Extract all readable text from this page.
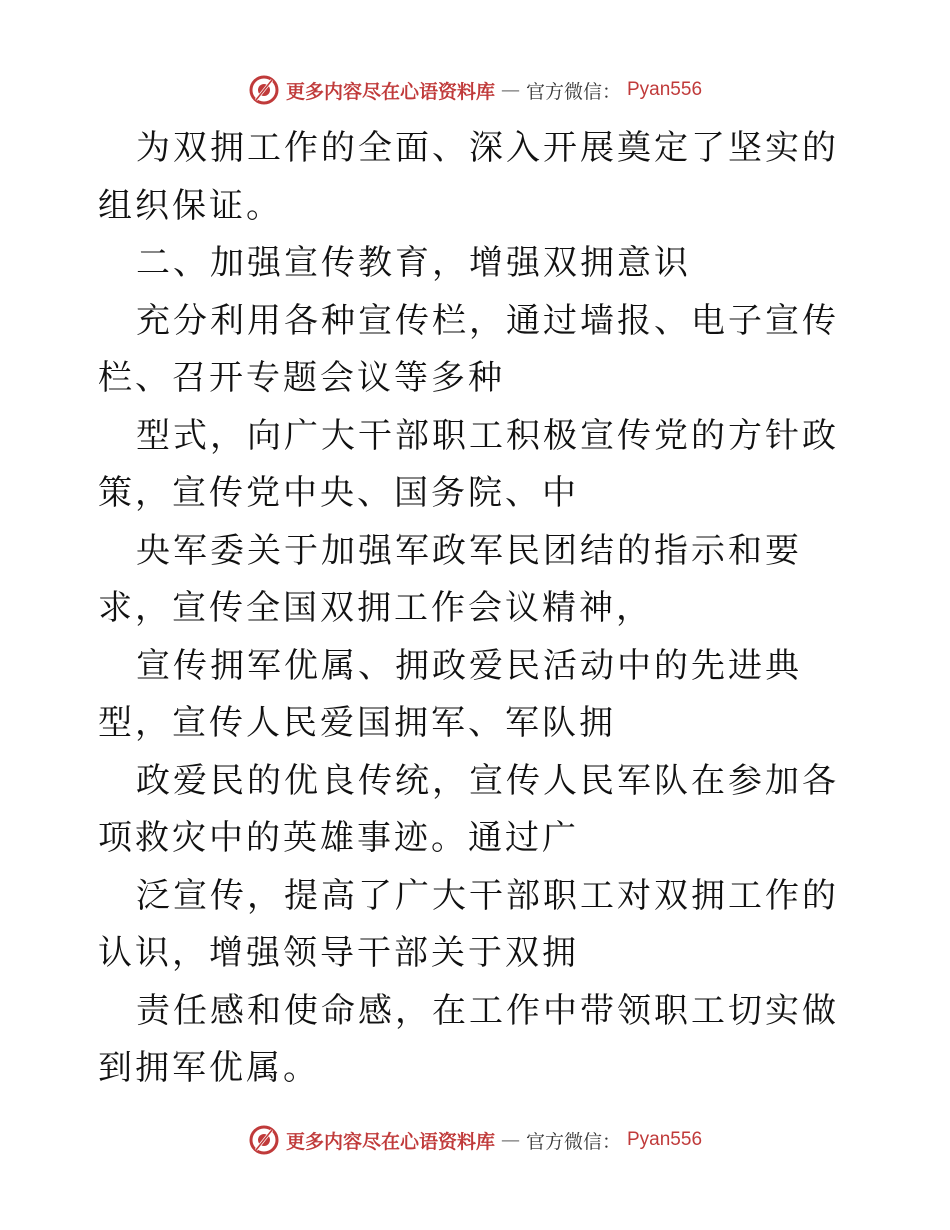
更多内容尽在心语资料库 — 官方微信： Pyan556

为双拥工作的全面、深入开展奠定了坚实的组织保证。

二、加强宣传教育，增强双拥意识

充分利用各种宣传栏，通过墙报、电子宣传栏、召开专题会议等多种

型式，向广大干部职工积极宣传党的方针政策，宣传党中央、国务院、中

央军委关于加强军政军民团结的指示和要求，宣传全国双拥工作会议精神，

宣传拥军优属、拥政爱民活动中的先进典型，宣传人民爱国拥军、军队拥

政爱民的优良传统，宣传人民军队在参加各项救灾中的英雄事迹。通过广

泛宣传，提高了广大干部职工对双拥工作的认识，增强领导干部关于双拥

责任感和使命感，在工作中带领职工切实做到拥军优属。

更多内容尽在心语资料库 — 官方微信： Pyan556
